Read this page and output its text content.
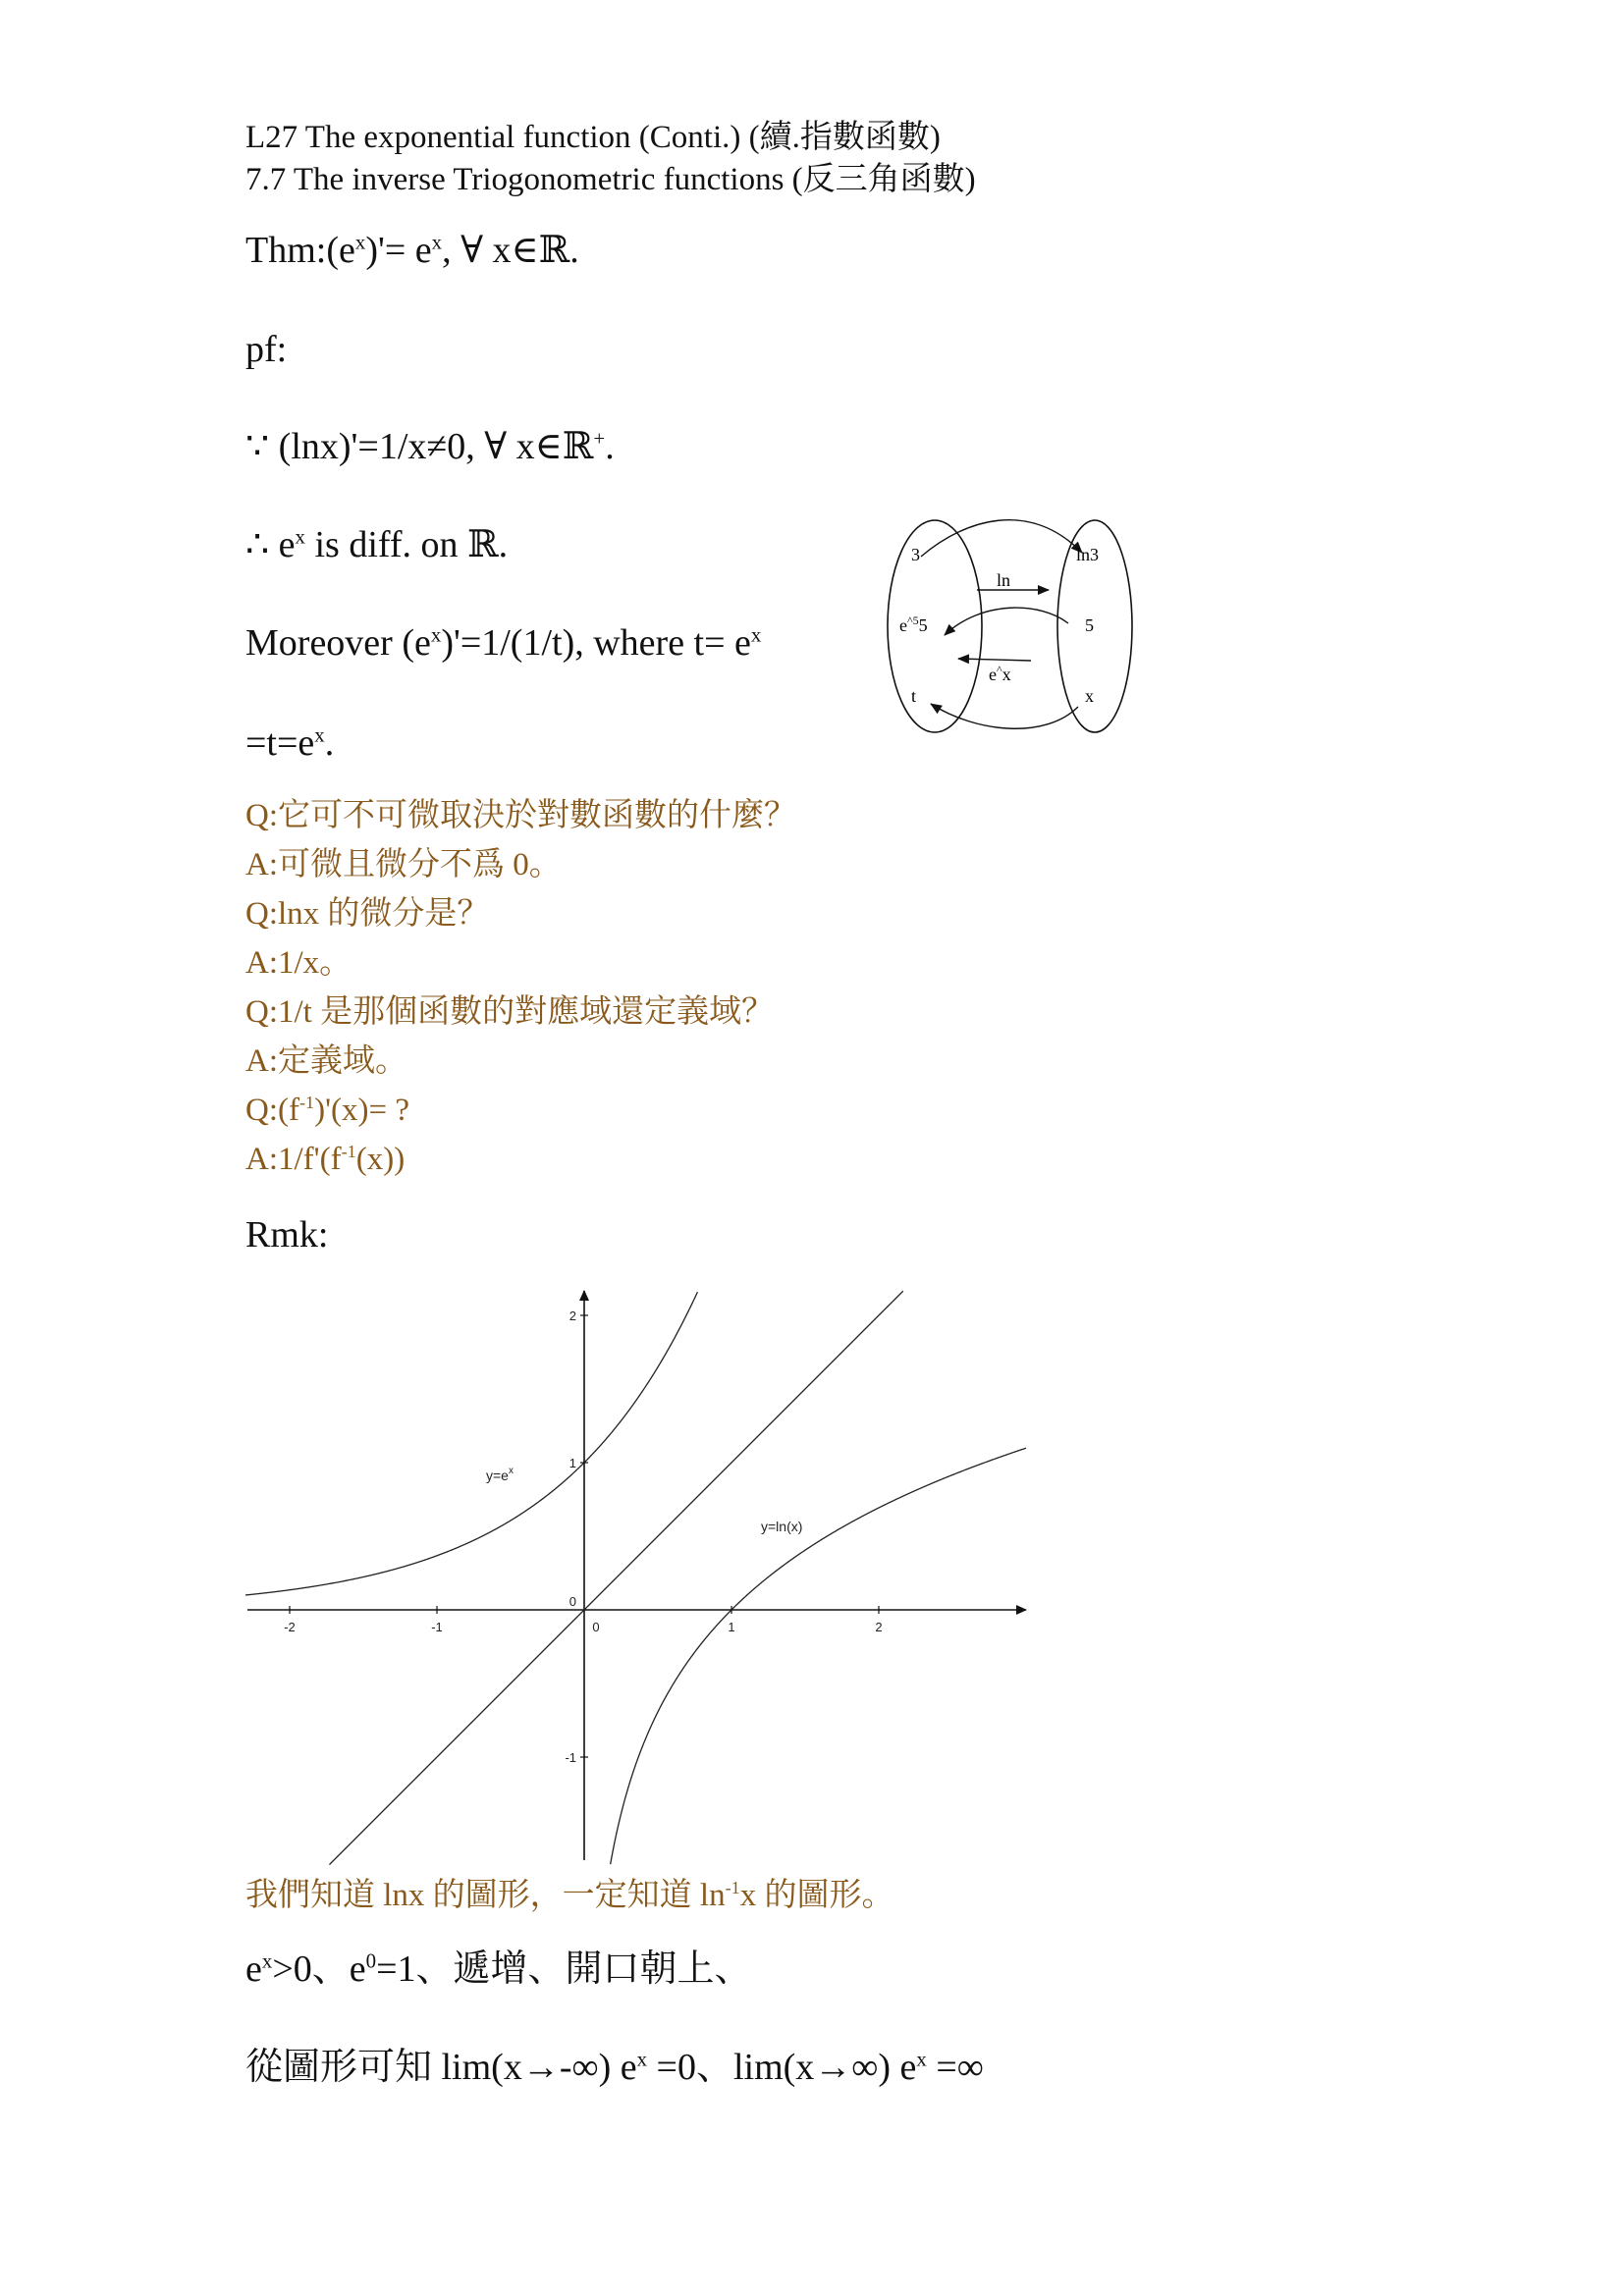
L27 The exponential function (Conti.) (續.指數函數)
7.7 The inverse Triogonometric functions (反三角函數)
$Thm:(e^x)'= e^x$, ∀ x∈ℝ.
pf:
∵ (lnx)'=1/x≠0, ∀ x∈ℝ+.
∴ $e^x$ is diff. on ℝ.
Moreover $(e^x)'=1/(1/t)$, where $t= e^x$
$=t=e^x$.
3
$e^{\^{}5}5$
t
ln3
5
x
ln
e^x
Q:它可不可微取決於對數函數的什麼？
A:可微且微分不爲 0。
Q:lnx 的微分是？
A:1/x。
Q:1/t 是那個函數的對應域還定義域？
A:定義域。
$Q:(f^{-1})'(x)=$ ?
$A:1/f'(f^{-1}(x))$
Rmk:
-2	-1	0	1	2
-1
0
1
2
$y=e^x$
y=ln(x)
我們知道 lnx 的圖形，一定知道 $\ln^{-1}x$ 的圖形。
$e^x>0$、$e^0=1$、遞增、開口朝上、
從圖形可知 lim(x→-∞) $e^x =0$、lim(x→∞) $e^x$ =∞
